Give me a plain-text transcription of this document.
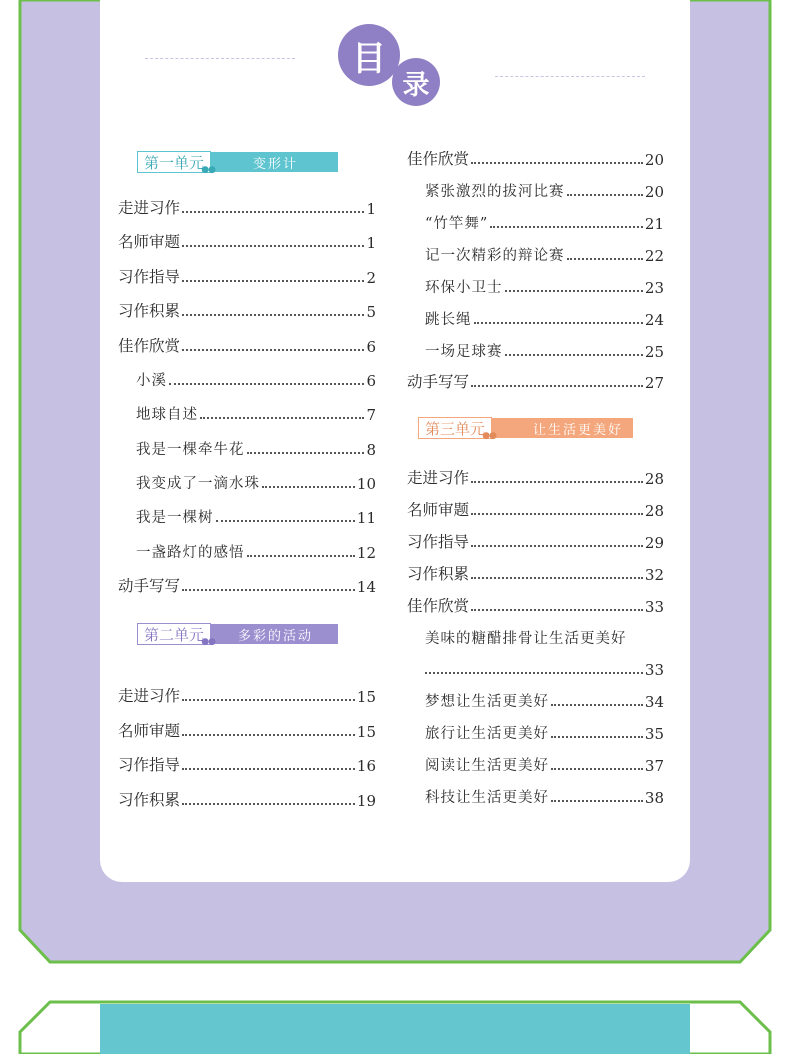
目
录
第一单元
●●	变形计
第二单元
●●	多彩的活动
第三单元
●●	让生活更美好
走进习作	1
名师审题	1
习作指导	2
习作积累	5
佳作欣赏	6
小溪	6
地球自述	7
我是一棵牵牛花	8
我变成了一滴水珠	10
我是一棵树	11
一盏路灯的感悟	12
动手写写	14
走进习作	15
名师审题	15
习作指导	16
习作积累	19
佳作欣赏	20
紧张激烈的拔河比赛	20
“竹竿舞”	21
记一次精彩的辩论赛	22
环保小卫士	23
跳长绳	24
一场足球赛	25
动手写写	27
走进习作	28
名师审题	28
习作指导	29
习作积累	32
佳作欣赏	33
美味的糖醋排骨让生活更美好
33
梦想让生活更美好	34
旅行让生活更美好	35
阅读让生活更美好	37
科技让生活更美好	38
